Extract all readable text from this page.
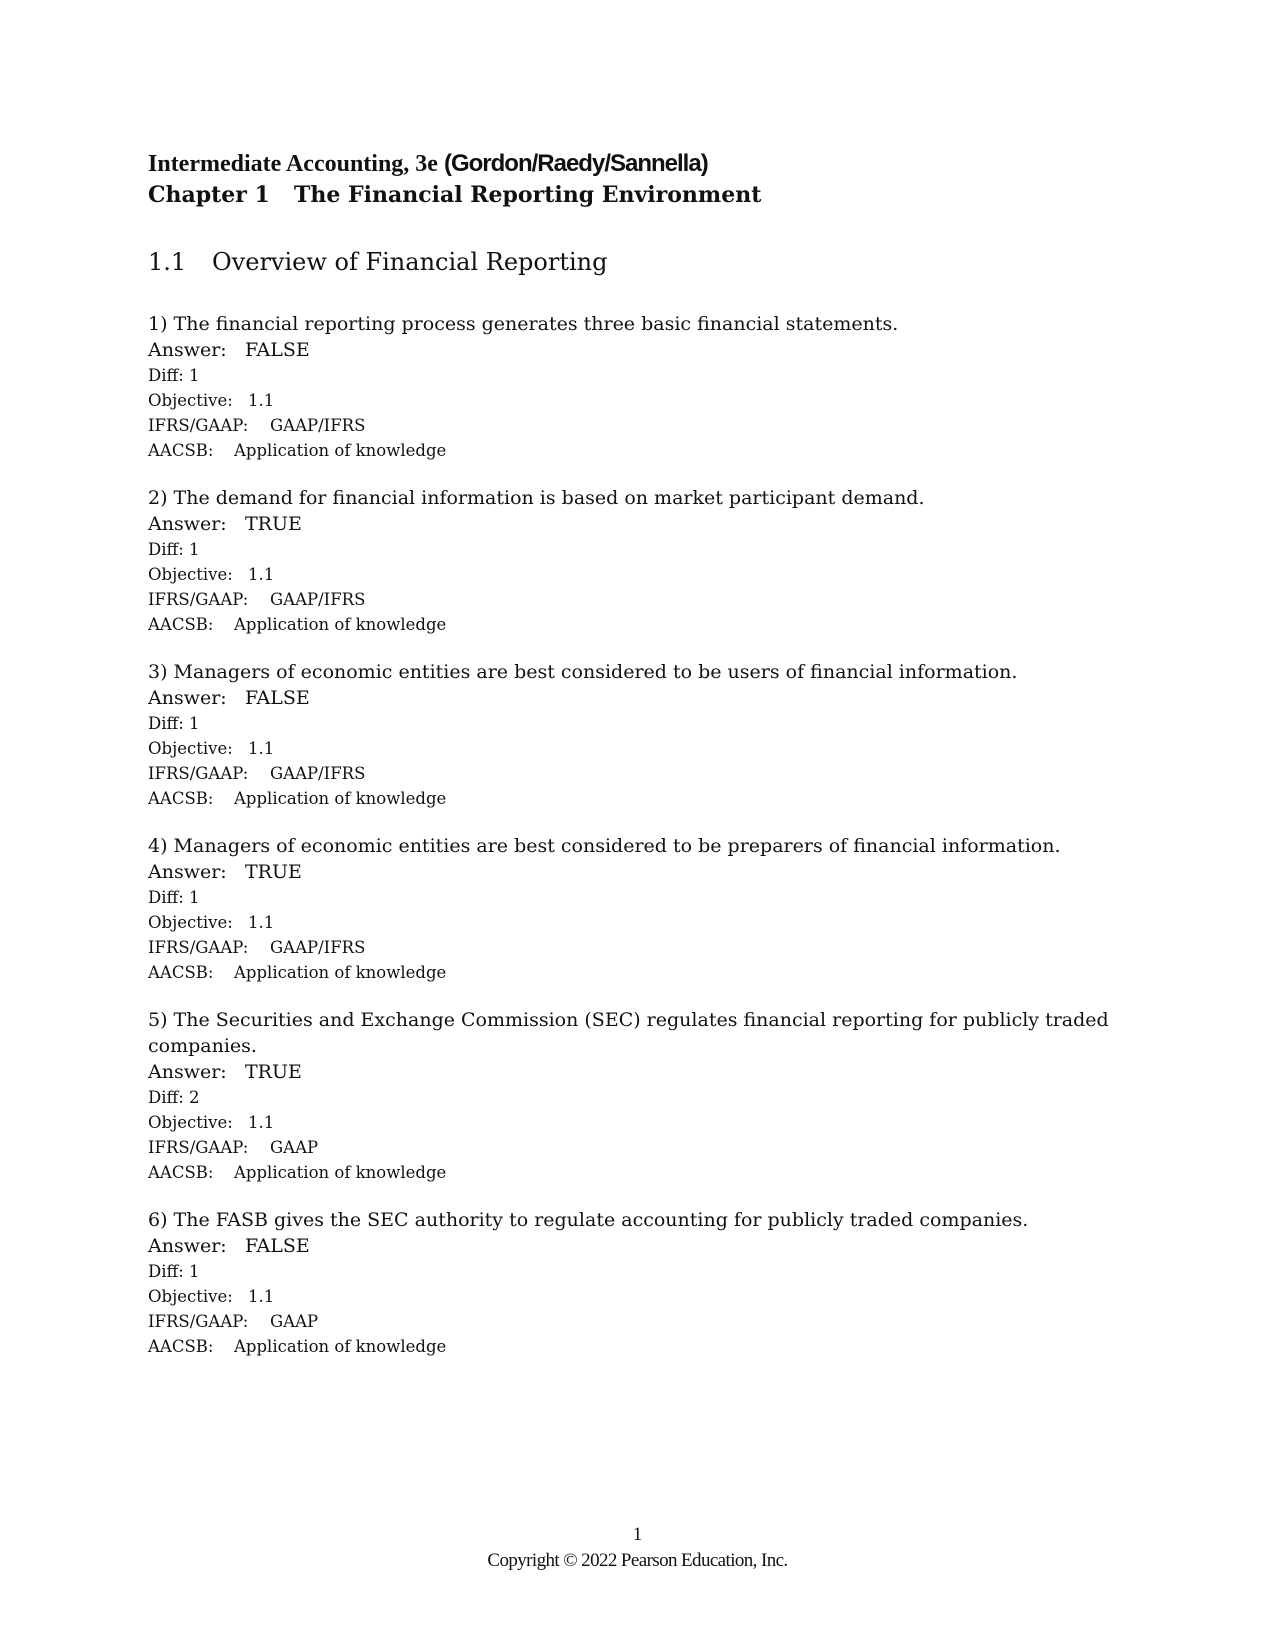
Intermediate Accounting, 3e (Gordon/Raedy/Sannella)

Chapter 1 The Financial Reporting Environment

1.1 Overview of Financial Reporting

1) The financial reporting process generates three basic financial statements.

Answer: FALSE

Diff: 1

Objective: 1.1

IFRS/GAAP: GAAP/IFRS

AACSB: Application of knowledge

2) The demand for financial information is based on market participant demand.

Answer: TRUE

Diff: 1

Objective: 1.1

IFRS/GAAP: GAAP/IFRS

AACSB: Application of knowledge

3) Managers of economic entities are best considered to be users of financial information.

Answer: FALSE

Diff: 1

Objective: 1.1

IFRS/GAAP: GAAP/IFRS

AACSB: Application of knowledge

4) Managers of economic entities are best considered to be preparers of financial information.

Answer: TRUE

Diff: 1

Objective: 1.1

IFRS/GAAP: GAAP/IFRS

AACSB: Application of knowledge

5) The Securities and Exchange Commission (SEC) regulates financial reporting for publicly traded companies.

Answer: TRUE

Diff: 2

Objective: 1.1

IFRS/GAAP: GAAP

AACSB: Application of knowledge

6) The FASB gives the SEC authority to regulate accounting for publicly traded companies.

Answer: FALSE

Diff: 1

Objective: 1.1

IFRS/GAAP: GAAP

AACSB: Application of knowledge

1
Copyright © 2022 Pearson Education, Inc.
